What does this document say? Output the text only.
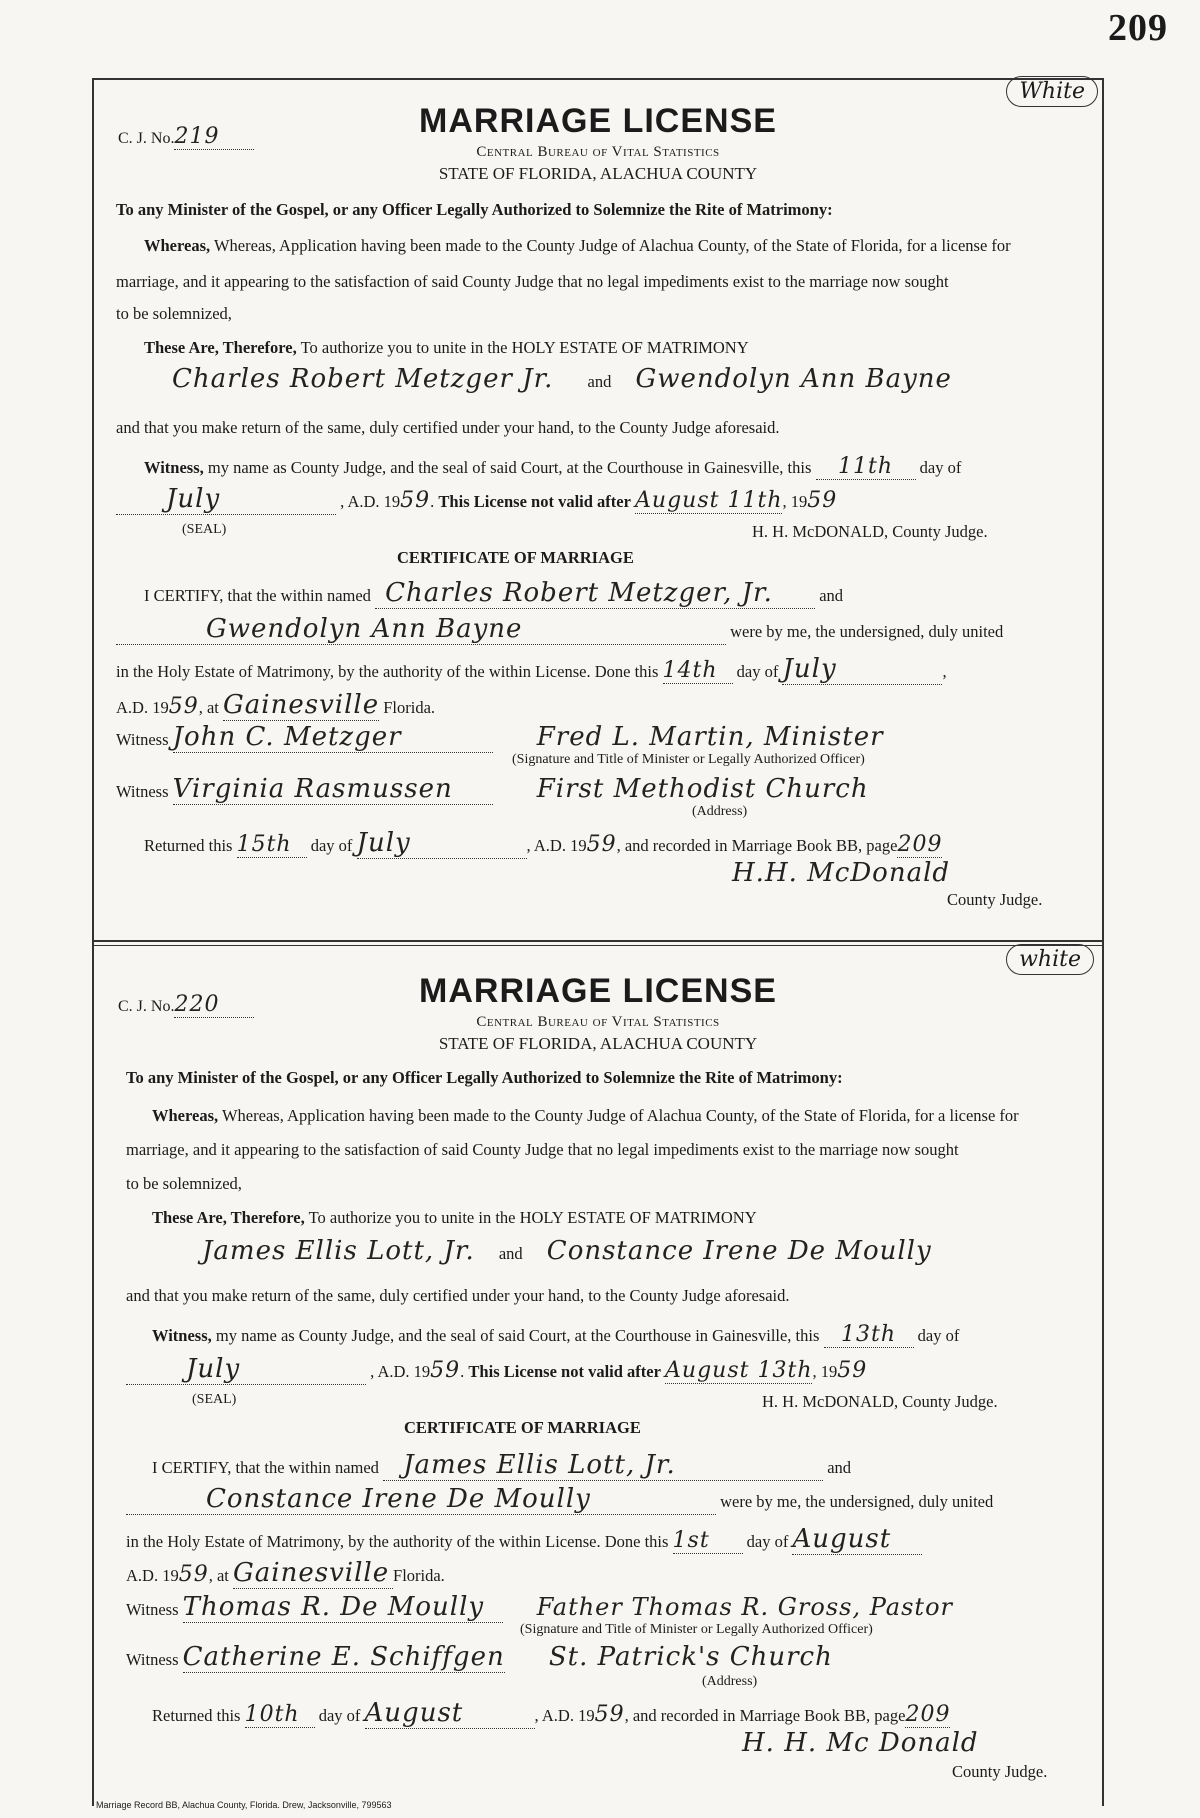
209
C. J. No.219
White
MARRIAGE LICENSE
Central Bureau of Vital Statistics
STATE OF FLORIDA, ALACHUA COUNTY
To any Minister of the Gospel, or any Officer Legally Authorized to Solemnize the Rite of Matrimony:
Whereas, Whereas, Application having been made to the County Judge of Alachua County, of the State of Florida, for a license for
marriage, and it appearing to the satisfaction of said County Judge that no legal impediments exist to the marriage now sought
to be solemnized,
These Are, Therefore, To authorize you to unite in the HOLY ESTATE OF MATRIMONY
Charles Robert Metzger Jr. and Gwendolyn Ann Bayne
and that you make return of the same, duly certified under your hand, to the County Judge aforesaid.
Witness, my name as County Judge, and the seal of said Court, at the Courthouse in Gainesville, this 11th day of
July	, A.D. 1959. This License not valid after August 11th, 1959
(SEAL)	H. H. McDONALD, County Judge.
CERTIFICATE OF MARRIAGE
I CERTIFY, that the within named Charles Robert Metzger, Jr.	and
Gwendolyn Ann Bayne	were by me, the undersigned, duly united
in the Holy Estate of Matrimony, by the authority of the within License. Done this 14th day of July	,
A.D. 1959, at Gainesville Florida.
Witness John C. Metzger	Fred L. Martin, Minister
(Signature and Title of Minister or Legally Authorized Officer)
Witness Virginia Rasmussen	First Methodist Church
(Address)
Returned this 15th day of July	, A.D. 1959, and recorded in Marriage Book BB, page209
H.H. McDonald
County Judge.
C. J. No.220
white
MARRIAGE LICENSE
Central Bureau of Vital Statistics
STATE OF FLORIDA, ALACHUA COUNTY
To any Minister of the Gospel, or any Officer Legally Authorized to Solemnize the Rite of Matrimony:
Whereas, Whereas, Application having been made to the County Judge of Alachua County, of the State of Florida, for a license for
marriage, and it appearing to the satisfaction of said County Judge that no legal impediments exist to the marriage now sought
to be solemnized,
These Are, Therefore, To authorize you to unite in the HOLY ESTATE OF MATRIMONY
James Ellis Lott, Jr. and Constance Irene De Moully
and that you make return of the same, duly certified under your hand, to the County Judge aforesaid.
Witness, my name as County Judge, and the seal of said Court, at the Courthouse in Gainesville, this 13th day of
July	, A.D. 1959. This License not valid after August 13th, 1959
(SEAL)	H. H. McDONALD, County Judge.
CERTIFICATE OF MARRIAGE
I CERTIFY, that the within named James Ellis Lott, Jr.	and
Constance Irene De Moully	were by me, the undersigned, duly united
in the Holy Estate of Matrimony, by the authority of the within License. Done this 1st day of August
A.D. 1959, at Gainesville Florida.
Witness Thomas R. De Moully Father Thomas R. Gross, Pastor
(Signature and Title of Minister or Legally Authorized Officer)
Witness Catherine E. Schiffgen St. Patrick's Church
(Address)
Returned this 10th day of August	, A.D. 1959, and recorded in Marriage Book BB, page209
H. H. Mc Donald
County Judge.
Marriage Record BB, Alachua County, Florida. Drew, Jacksonville, 799563
